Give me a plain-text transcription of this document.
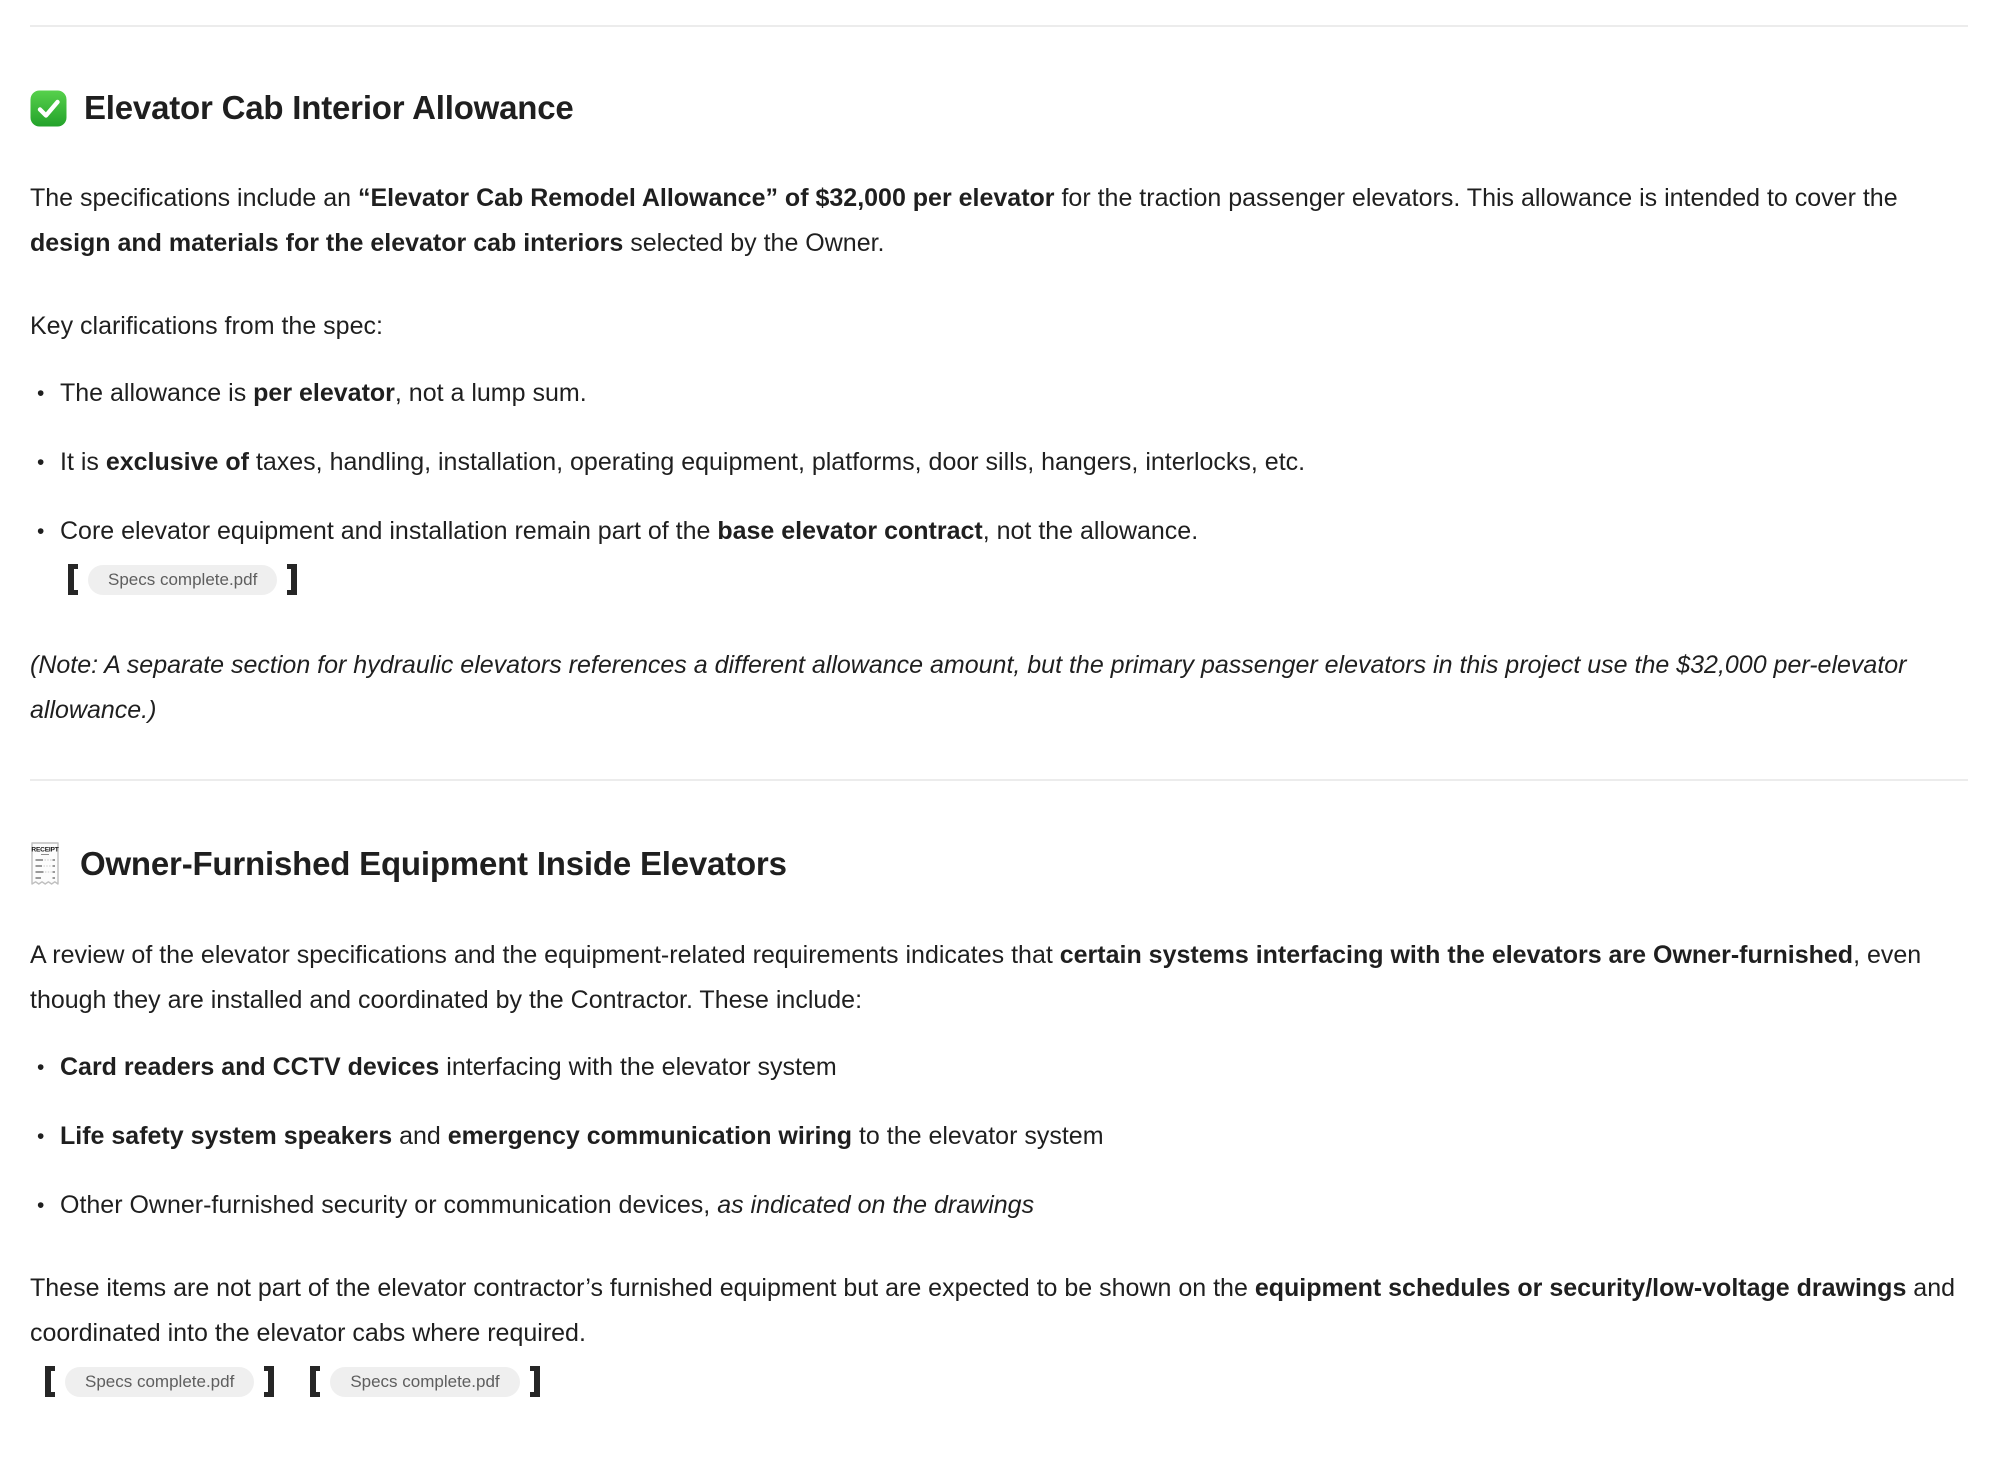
Elevator Cab Interior Allowance

The specifications include an “Elevator Cab Remodel Allowance” of $32,000 per elevator for the traction passenger elevators. This allowance is intended to cover the design and materials for the elevator cab interiors selected by the Owner.

Key clarifications from the spec:

• The allowance is per elevator, not a lump sum.
• It is exclusive of taxes, handling, installation, operating equipment, platforms, door sills, hangers, interlocks, etc.
• Core elevator equipment and installation remain part of the base elevator contract, not the allowance.
Specs complete.pdf

(Note: A separate section for hydraulic elevators references a different allowance amount, but the primary passenger elevators in this project use the $32,000 per-elevator allowance.)

RECEIPT Owner-Furnished Equipment Inside Elevators

A review of the elevator specifications and the equipment-related requirements indicates that certain systems interfacing with the elevators are Owner-furnished, even though they are installed and coordinated by the Contractor. These include:

• Card readers and CCTV devices interfacing with the elevator system
• Life safety system speakers and emergency communication wiring to the elevator system
• Other Owner-furnished security or communication devices, as indicated on the drawings

These items are not part of the elevator contractor’s furnished equipment but are expected to be shown on the equipment schedules or security/low-voltage drawings and coordinated into the elevator cabs where required.

Specs complete.pdf	Specs complete.pdf
